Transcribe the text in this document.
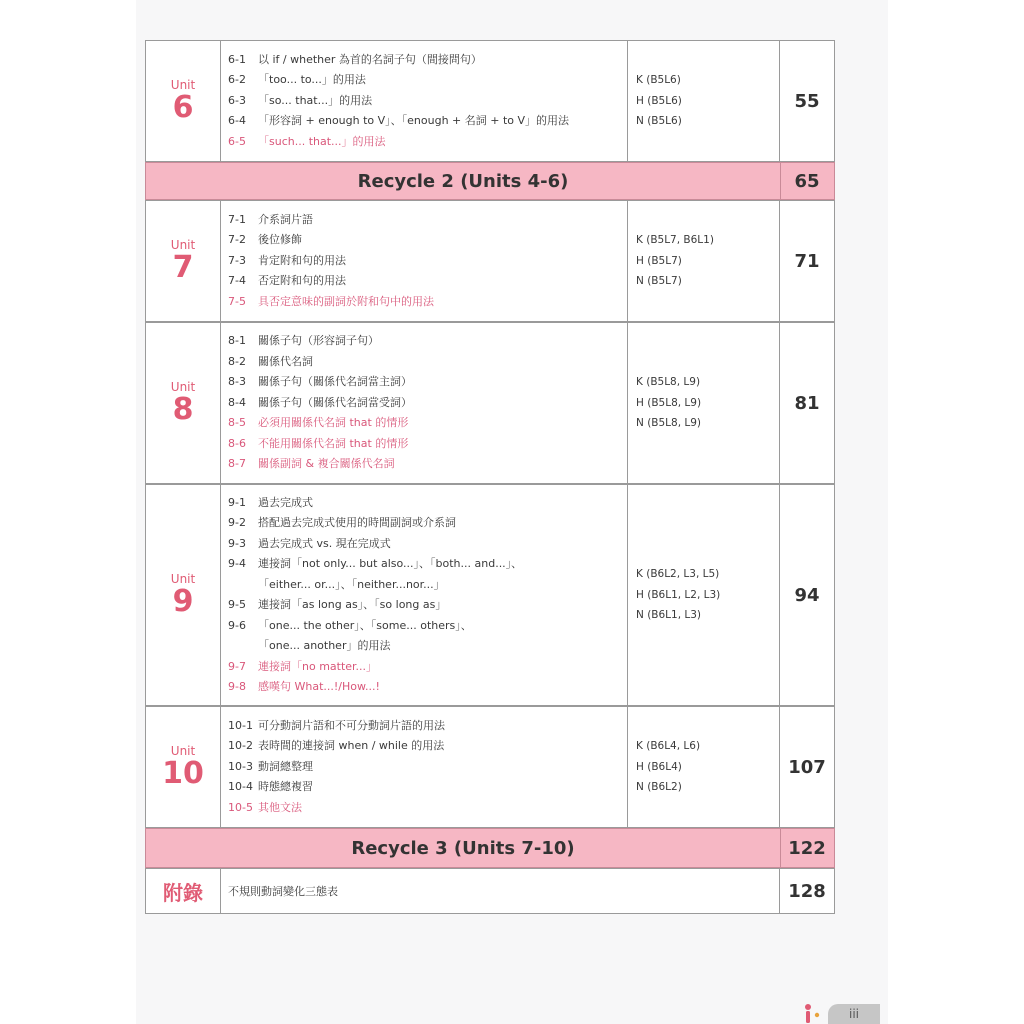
Unit
6
6-1 以 if / whether 為首的名詞子句（間接問句）
6-2 「too... to...」的用法
6-3 「so... that...」的用法
6-4 「形容詞 + enough to V」、「enough + 名詞 + to V」的用法
6-5 「such... that...」的用法
K (B5L6)
H (B5L6)
N (B5L6)
55
Recycle 2 (Units 4-6)	65
Unit
7
7-1 介系詞片語
7-2 後位修飾
7-3 肯定附和句的用法
7-4 否定附和句的用法
7-5 具否定意味的副詞於附和句中的用法
K (B5L7, B6L1)
H (B5L7)
N (B5L7)
71
Unit
8
8-1 關係子句（形容詞子句）
8-2 關係代名詞
8-3 關係子句（關係代名詞當主詞）
8-4 關係子句（關係代名詞當受詞）
8-5 必須用關係代名詞 that 的情形
8-6 不能用關係代名詞 that 的情形
8-7 關係副詞 & 複合關係代名詞
K (B5L8, L9)
H (B5L8, L9)
N (B5L8, L9)
81
Unit
9
9-1 過去完成式
9-2 搭配過去完成式使用的時間副詞或介系詞
9-3 過去完成式 vs. 現在完成式
9-4 連接詞「not only... but also...」、「both... and...」、
「either... or...」、「neither...nor...」
9-5 連接詞「as long as」、「so long as」
9-6 「one... the other」、「some... others」、
「one... another」的用法
9-7 連接詞「no matter...」
9-8 感嘆句 What...!/How...!
K (B6L2, L3, L5)
H (B6L1, L2, L3)
N (B6L1, L3)
94
Unit
10
10-1 可分動詞片語和不可分動詞片語的用法
10-2 表時間的連接詞 when / while 的用法
10-3 動詞總整理
10-4 時態總複習
10-5 其他文法
K (B6L4, L6)
H (B6L4)
N (B6L2)
107
Recycle 3 (Units 7-10)	122
附錄	不規則動詞變化三態表	128
iii
